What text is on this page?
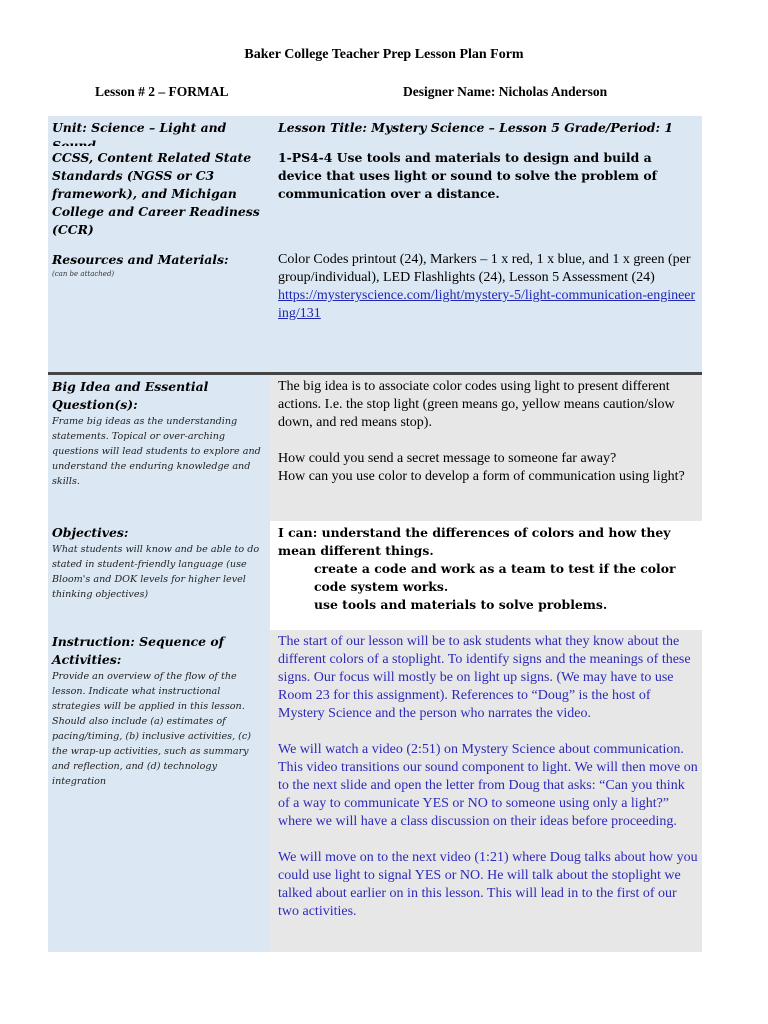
Baker College Teacher Prep Lesson Plan Form
Lesson # 2 – FORMAL	Designer Name: Nicholas Anderson
Unit: Science – Light and	Lesson Title: Mystery Science – Lesson 5 Grade/Period: 1
CCSS, Content Related State Standards (NGSS or C3 framework), and Michigan College and Career Readiness (CCR)
1-PS4-4 Use tools and materials to design and build a device that uses light or sound to solve the problem of communication over a distance.
Resources and Materials:
(can be attached)
Color Codes printout (24), Markers – 1 x red, 1 x blue, and 1 x green (per group/individual), LED Flashlights (24), Lesson 5 Assessment (24)
https://mysteryscience.com/light/mystery-5/light-communication-engineering/131
Big Idea and Essential Question(s):
Frame big ideas as the understanding statements. Topical or over-arching questions will lead students to explore and understand the enduring knowledge and skills.

The big idea is to associate color codes using light to present different actions. I.e. the stop light (green means go, yellow means caution/slow down, and red means stop).

How could you send a secret message to someone far away?

How can you use color to develop a form of communication using light?

Objectives:
What students will know and be able to do stated in student-friendly language (use Bloom's and DOK levels for higher level thinking objectives)
I can: understand the differences of colors and how they mean different things.
create a code and work as a team to test if the color code system works.
use tools and materials to solve problems.
Instruction: Sequence of Activities:
Provide an overview of the flow of the lesson. Indicate what instructional strategies will be applied in this lesson. Should also include (a) estimates of pacing/timing, (b) inclusive activities, (c) the wrap-up activities, such as summary and reflection, and (d) technology integration

The start of our lesson will be to ask students what they know about the different colors of a stoplight. To identify signs and the meanings of these signs. Our focus will mostly be on light up signs. (We may have to use Room 23 for this assignment). References to “Doug” is the host of Mystery Science and the person who narrates the video.

We will watch a video (2:51) on Mystery Science about communication. This video transitions our sound component to light. We will then move on to the next slide and open the letter from Doug that asks: “Can you think of a way to communicate YES or NO to someone using only a light?” where we will have a class discussion on their ideas before proceeding.

We will move on to the next video (1:21) where Doug talks about how you could use light to signal YES or NO. He will talk about the stoplight we talked about earlier on in this lesson. This will lead in to the first of our two activities.
